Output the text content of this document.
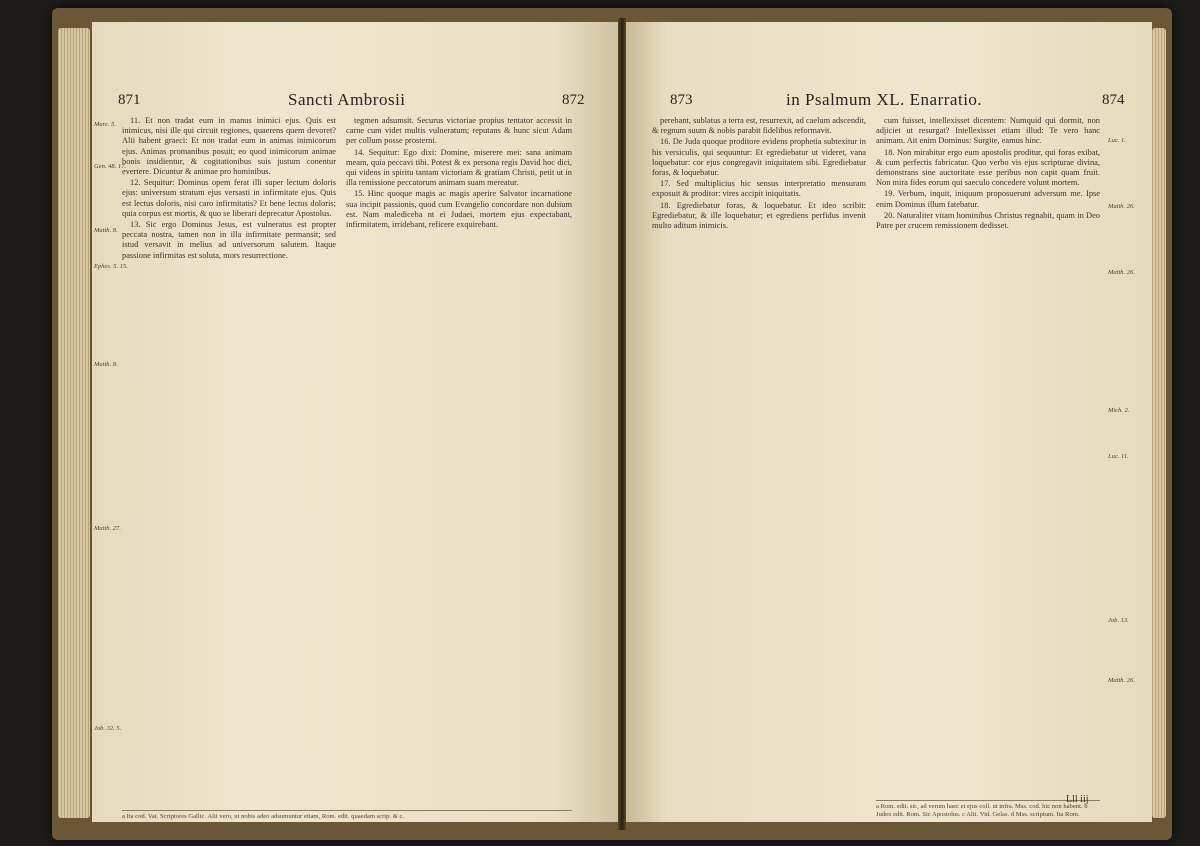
871	Sancti Ambrosii	872
Marc. 5.
Gen. 48. 17.
Matth. 8.
Ephes. 5. 15.
Matth. 8.
Matth. 27.
Job. 32. 5.

11. Et non tradat eum in manus inimici ejus. Quis est inimicus, nisi ille qui circuit regiones, quaerens quem devoret? Alii habent graeci: Et non tradat eum in animas inimicorum ejus. Animas promanibus posuit; eo quod inimicorum animae bonis insidientur, & cogitationibus suis justum conentur evertere. Dicuntur & animae pro hominibus.

12. Sequitur: Dominus opem ferat illi super lectum doloris ejus: universum stratum ejus versasti in infirmitate ejus. Quis est lectus doloris, nisi caro infirmitatis? Et bene lectus doloris; quia corpus est mortis, & quo se liberari deprecatur Apostolus.

13. Sic ergo Dominus Jesus, est vulneratus est propter peccata nostra, tamen non in illa infirmitate permansit; sed istud versavit in melius ad universorum salutem. Itaque passione infirmitas est soluta, mors resurrectione.

tegmen adsumsit. Securus victoriae propius tentator accessit in carne cum videt multis vulneratum; reputans & hunc sicut Adam per collum posse prosterni.

14. Sequitur: Ego dixi: Domine, miserere mei: sana animam meam, quia peccavi tibi. Potest & ex persona regis David hoc dici, qui videns in spiritu tantam victoriam & gratiam Christi, petit ut in illa remissione peccatorum animam suam mereatur.

15. Hinc quoque magis ac magis aperire Salvator incarnatione sua incipit passionis, quod cum Evangelio concordare non dubium est. Nam malediceba nt ei Judaei, mortem ejus expectabant, infirmitatem, irridebant, reficere exquirebant.

a Ita cod. Vat. Scriptores Gallic. Alii vero, ut nobis adeo adsumuntur etiam, Rom. edit. quaedam scrip. & c.
873	in Psalmum XL. Enarratio.	874

perebant, sublatus a terra est, resurrexit, ad caelum adscendit, & regnum suum & nobis parabit fidelibus reformavit.

16. De Juda quoque proditore evidens prophetia subtexitur in his versiculis, qui sequuntur: Et egrediebatur ut videret, vana loquebatur: cor ejus congregavit iniquitatem sibi. Egrediebatur foras, & loquebatur.

17. Sed multiplicius hic sensus interpretatio mensuram exposuit & proditor: vires accipit iniquitatis.

18. Egrediebatur foras, & loquebatur. Et ideo scribit: Egrediebatur, & ille loquebatur; et egrediens perfidus invenit multo aditum inimicis.

cum fuisset, intellexisset dicentem: Numquid qui dormit, non adjiciet ut resurgat? Intellexisset etiam illud: Te vero hanc animam. Ait enim Dominus: Surgite, eamus hinc.

18. Non mirabitur ergo eum apostolis proditur, qui foras exibat, & cum perfectis fabricatur. Quo verbo vis ejus scripturae divina, demonstrans sine auctoritate esse peribus non capit quam fruit. Non mira fides eorum qui saeculo concedere volunt mortem.

19. Verbum, inquit, iniquum proposuerunt adversum me. Ipse enim Dominus illum fatebatur.

20. Naturaliter vitam hominibus Christus regnabit, quam in Deo Patre per crucem remissionem dedisset.

Luc. 1.
Matth. 26.
Matth. 26.
Mich. 2.
Luc. 11.
Job. 13.
Matth. 26.
a Rom. edit. sic, ad verum haec et ejus coll. ut infra. Mss. cod. hic non habent. b Judex edit. Rom. Sic Apostolus. c Alii. Vid. Gelas. d Mss. scriptum. Ita Rom.
Lll iij
